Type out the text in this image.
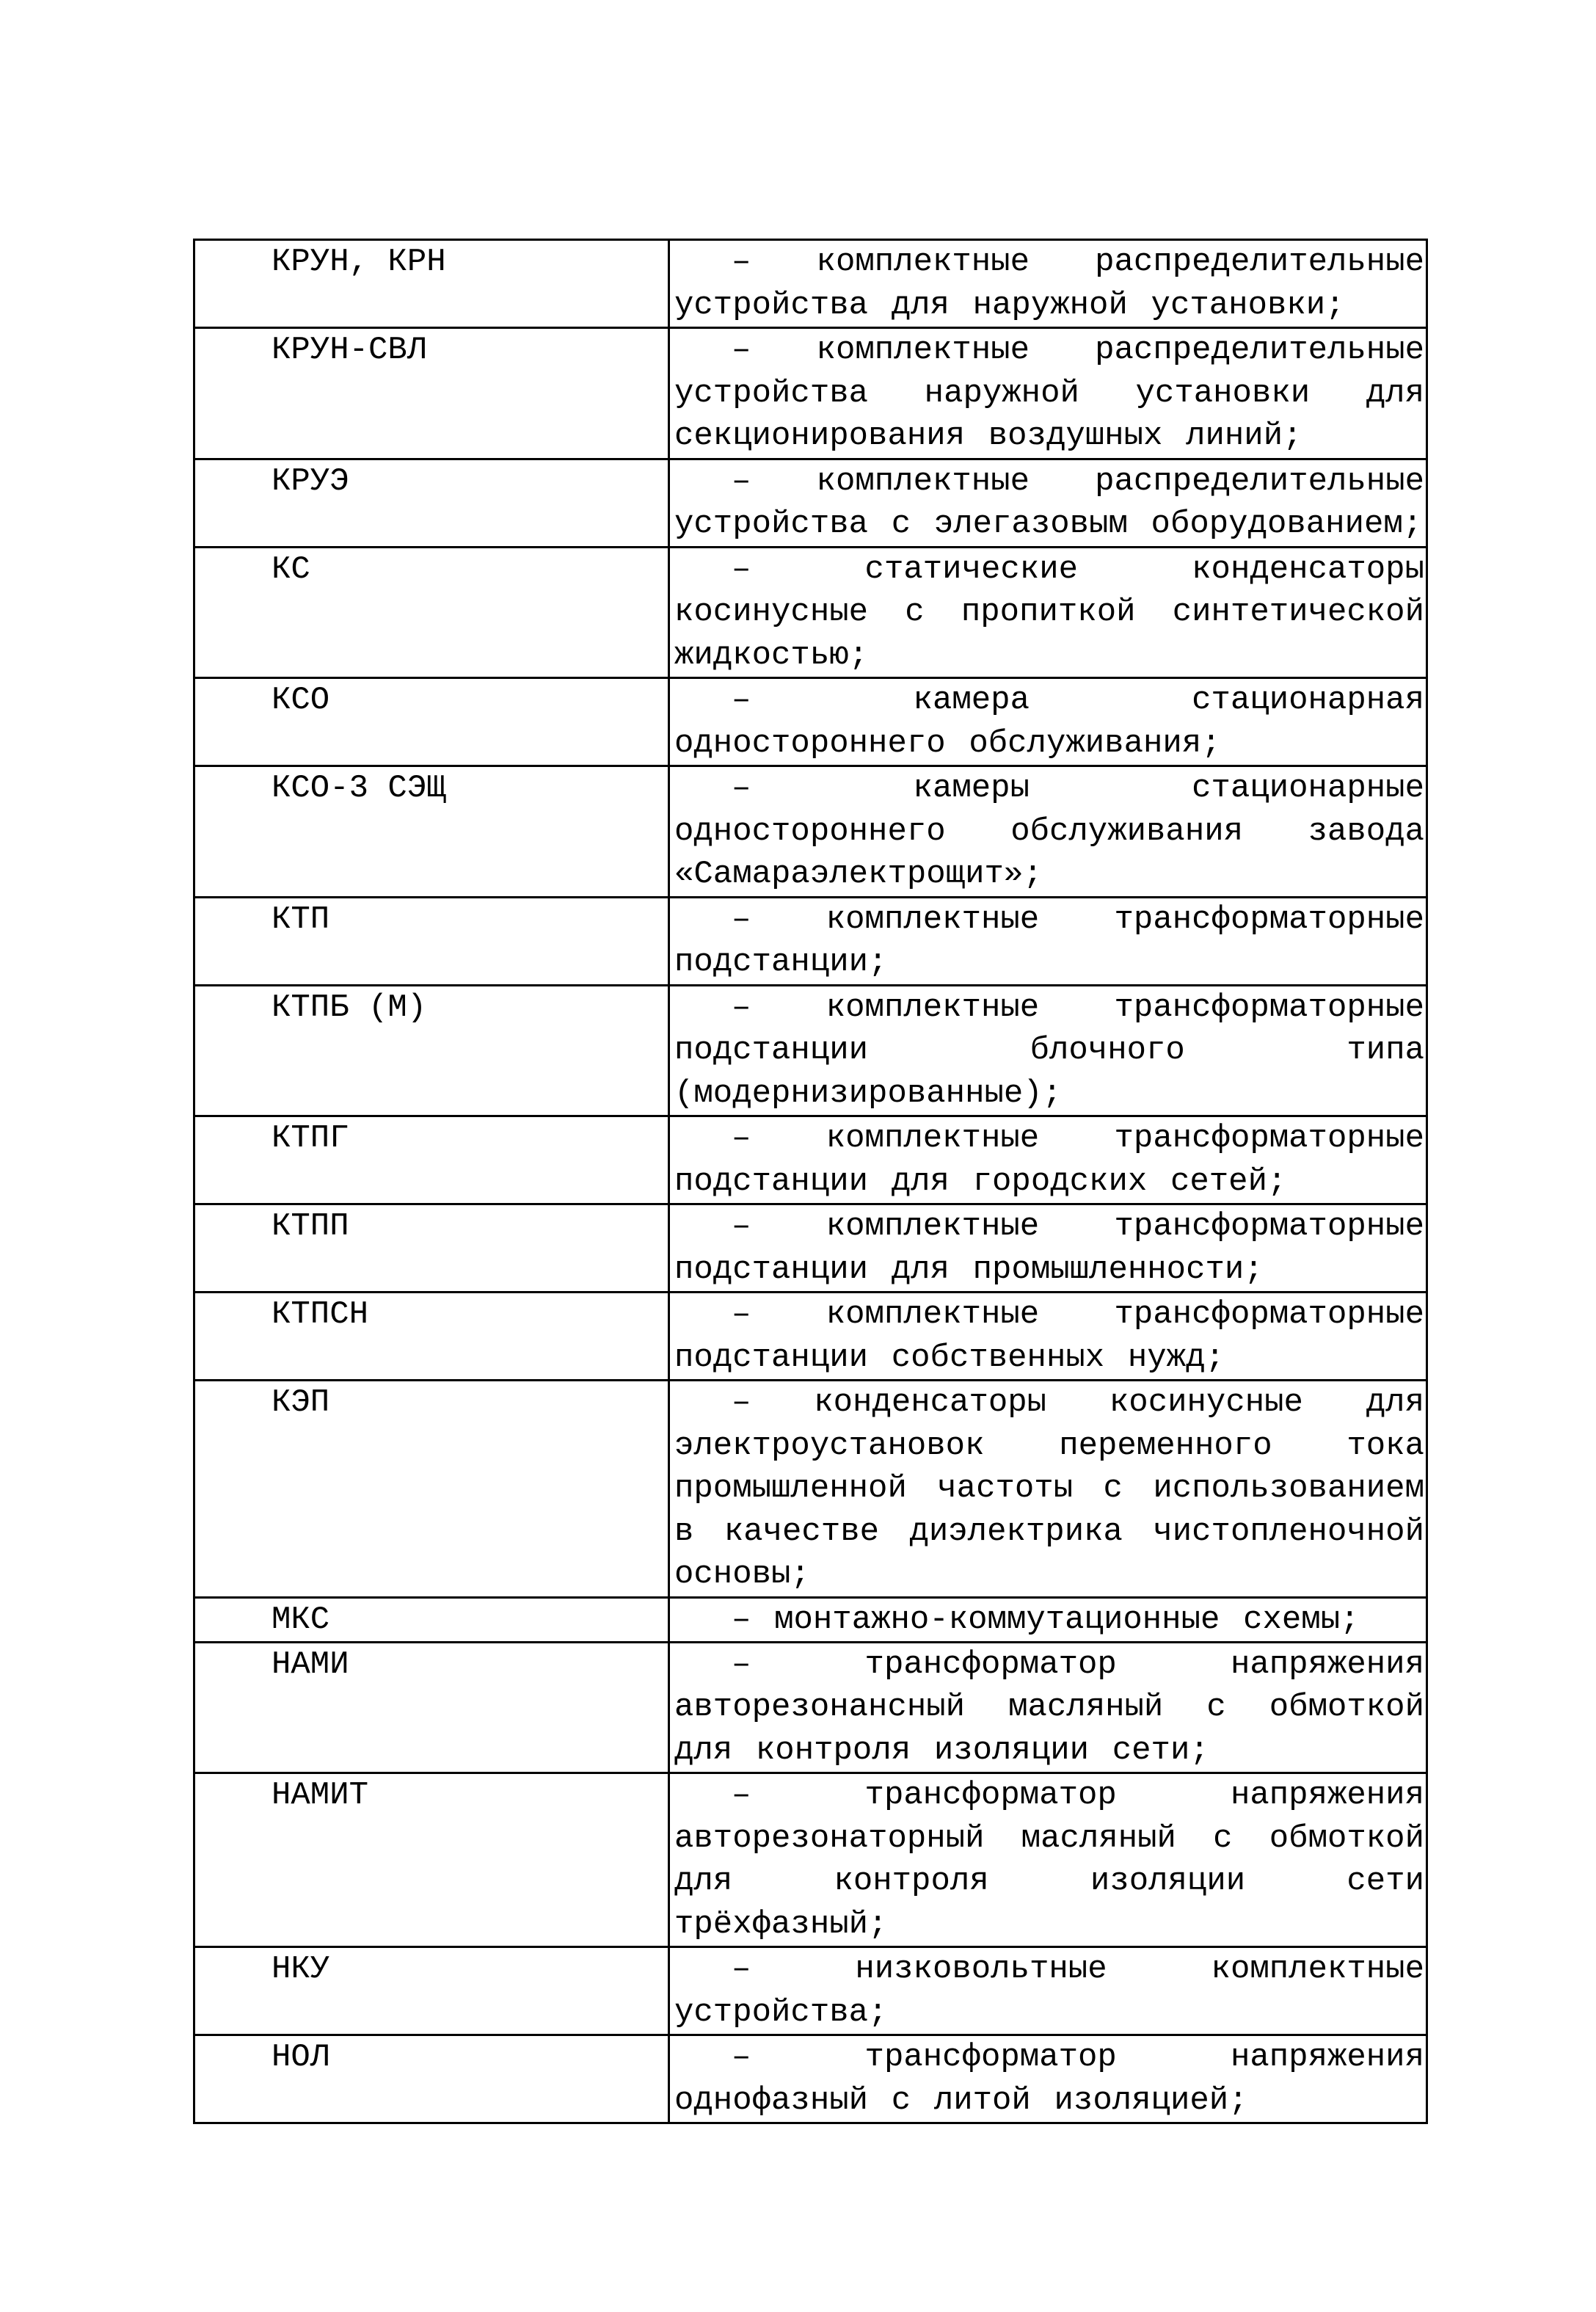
КРУН, КРН	– комплектные распределительные устройства для наружной установки;
КРУН-СВЛ	– комплектные распределительные устройства наружной установки для секционирования воздушных линий;
КРУЭ	– комплектные распределительные устройства с элегазовым оборудованием;
КС	– статические конденсаторы косинусные с пропиткой синтетической жидкостью;
КСО	– камера стационарная одностороннего обслуживания;
КСО-3 СЭЩ	– камеры стационарные одностороннего обслуживания завода «Самараэлектрощит»;
КТП	– комплектные трансформаторные подстанции;
КТПБ (М)	– комплектные трансформаторные подстанции блочного типа (модернизированные);
КТПГ	– комплектные трансформаторные подстанции для городских сетей;
КТПП	– комплектные трансформаторные подстанции для промышленности;
КТПСН	– комплектные трансформаторные подстанции собственных нужд;
КЭП	– конденсаторы косинусные для электроустановок переменного тока промышленной частоты с использованием в качестве диэлектрика чистопленочной основы;
МКС	– монтажно-коммутационные схемы;
НАМИ	– трансформатор напряжения авторезонансный масляный с обмоткой для контроля изоляции сети;
НАМИТ	– трансформатор напряжения авторезонаторный масляный с обмоткой для контроля изоляции сети трёхфазный;
НКУ	– низковольтные комплектные устройства;
НОЛ	– трансформатор напряжения однофазный с литой изоляцией;
